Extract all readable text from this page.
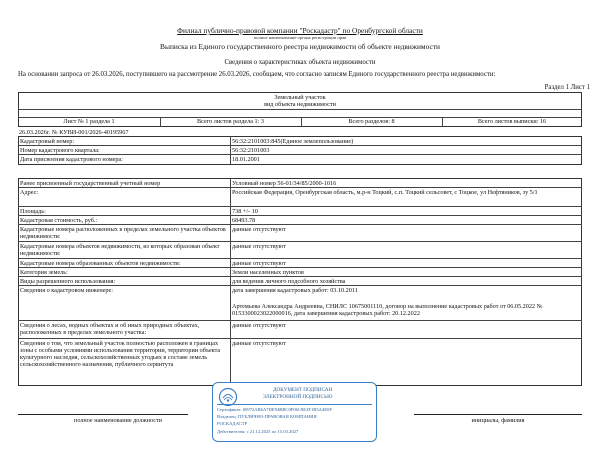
Филиал публично-правовой компании "Роскадастр" по Оренбургской области
полное наименование органа регистрации прав
Выписка из Единого государственного реестра недвижимости об объекте недвижимости
Сведения о характеристиках объекта недвижимости
На основании запроса от 26.03.2026, поступившего на рассмотрение 26.03.2026, сообщаем, что согласно записям Единого государственного реестра недвижимости:
Раздел 1 Лист 1
Земельный участок
вид объекта недвижимости
Лист № 1 раздела 1	Всего листов раздела 1: 3	Всего разделов: 8	Всего листов выписки: 16
26.03.2026г. № КУВИ-001/2026-40195967
Кадастровый номер:	56:32:2101003:845(Единое землепользование)
Номер кадастрового квартала:	56:32:2101003
Дата присвоения кадастрового номера:	18.01.2001
Ранее присвоенный государственный учетный номер	Условный номер 56-01/34/85/2000-1016
Адрес:	Российская Федерация, Оренбургская область, м.р-н Тоцкий, с.п. Тоцкий сельсовет, с Тоцкое, ул Нефтяников, зу 5/1
Площадь:	738 +/- 10
Кадастровая стоимость, руб.:	68493.78
Кадастровые номера расположенных в пределах земельного участка объектов недвижимости:
данные отсутствуют
Кадастровые номера объектов недвижимости, из которых образован объект недвижимости:
данные отсутствуют
Кадастровые номера образованных объектов недвижимости:	данные отсутствуют
Категория земель:	Земли населенных пунктов
Виды разрешенного использования:	для ведения личного подсобного хозяйства
Сведения о кадастровом инженере:	дата завершения кадастровых работ: 03.10.2011
Артемьева Александра Андреевна, СНИЛС 10675001110, договор на выполнение кадастровых работ от 06.05.2022 № 0153300023022000016, дата завершения кадастровых работ: 20.12.2022
Сведения о лесах, водных объектах и об иных природных объектах, расположенных в пределах земельного участка:
данные отсутствуют
Сведения о том, что земельный участок полностью расположен в границах зоны с особыми условиями использования территории, территории объекта культурного наследия, сельскохозяйственных угодьях в составе земель сельскохозяйственного назначения, публичного сервитута
данные отсутствуют
полное наименование должности	инициалы, фамилия
ДОКУМЕНТ ПОДПИСАН
ЭЛЕКТРОННОЙ ПОДПИСЬЮ
Сертификат: 00972AB6A7DE94BBC0F06C8E2F1B5A4E0F
Владелец: ПУБЛИЧНО-ПРАВОВАЯ КОМПАНИЯ
РОСКАДАСТР
Действителен: с 21.12.2025 по 15.03.2027
